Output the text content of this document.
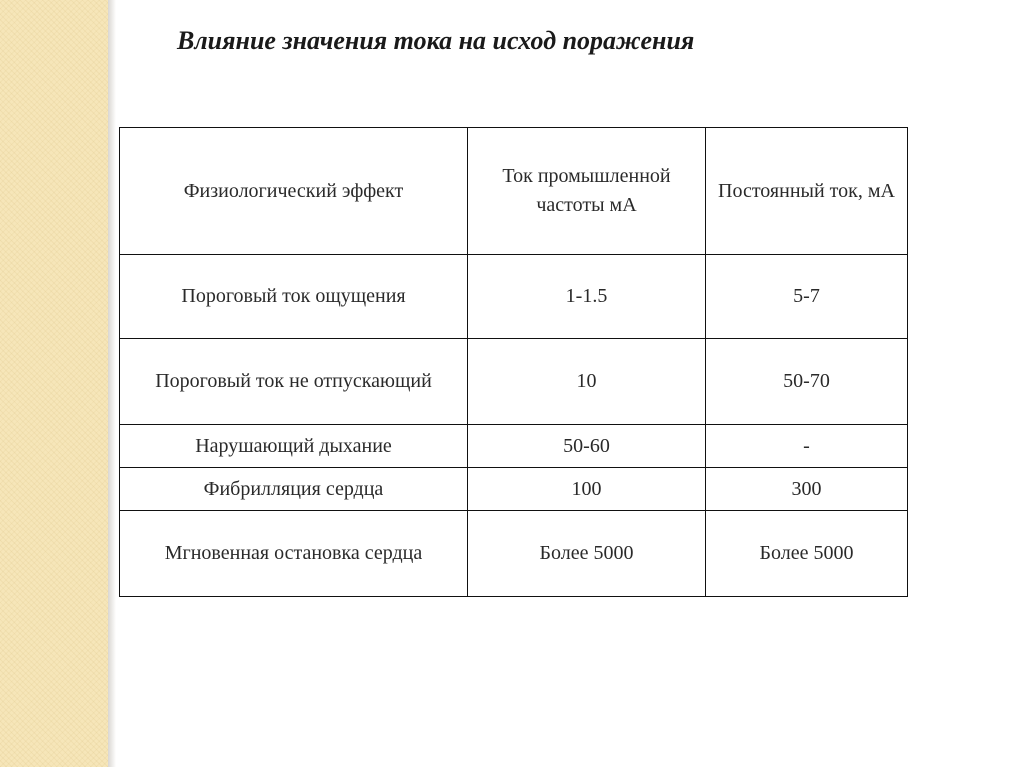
Влияние значения тока на исход поражения
Физиологический эффект	Ток промышленной частоты мА	Постоянный ток, мА
Пороговый ток ощущения	1-1.5	5-7
Пороговый ток не отпускающий	10	50-70
Нарушающий дыхание	50-60	-
Фибрилляция сердца	100	300
Мгновенная остановка сердца	Более 5000	Более 5000
